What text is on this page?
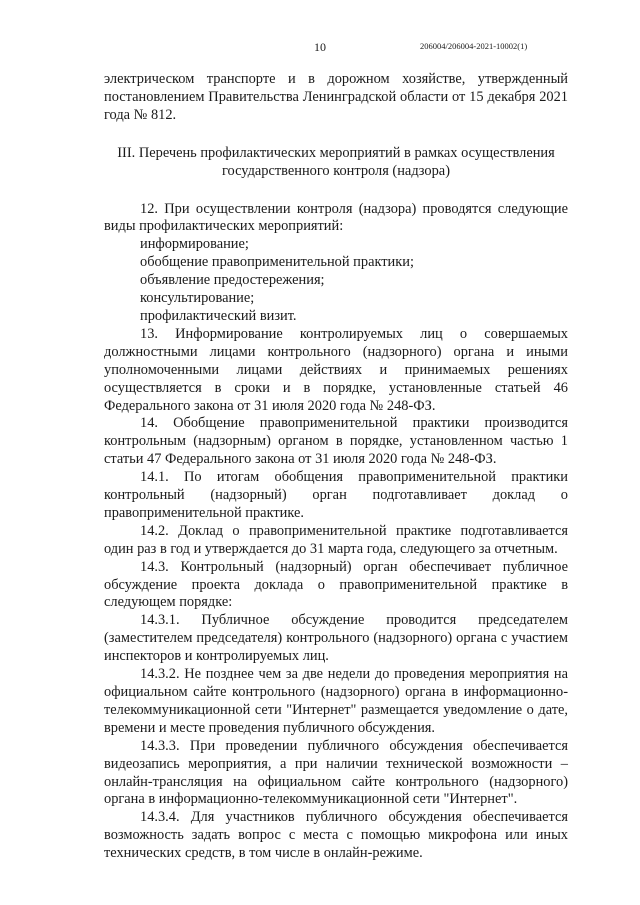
10	206004/206004-2021-10002(1)

электрическом транспорте и в дорожном хозяйстве, утвержденный постановлением Правительства Ленинградской области от 15 декабря 2021 года № 812.

III. Перечень профилактических мероприятий в рамках осуществления
государственного контроля (надзора)

12. При осуществлении контроля (надзора) проводятся следующие виды профилактических мероприятий:

информирование;
обобщение правоприменительной практики;
объявление предостережения;
консультирование;
профилактический визит.

13. Информирование контролируемых лиц о совершаемых должностными лицами контрольного (надзорного) органа и иными уполномоченными лицами действиях и принимаемых решениях осуществляется в сроки и в порядке, установленные статьей 46 Федерального закона от 31 июля 2020 года № 248-ФЗ.

14. Обобщение правоприменительной практики производится контрольным (надзорным) органом в порядке, установленном частью 1 статьи 47 Федерального закона от 31 июля 2020 года № 248-ФЗ.

14.1. По итогам обобщения правоприменительной практики контрольный (надзорный) орган подготавливает доклад о правоприменительной практике.

14.2. Доклад о правоприменительной практике подготавливается один раз в год и утверждается до 31 марта года, следующего за отчетным.

14.3. Контрольный (надзорный) орган обеспечивает публичное обсуждение проекта доклада о правоприменительной практике в следующем порядке:

14.3.1. Публичное обсуждение проводится председателем (заместителем председателя) контрольного (надзорного) органа с участием инспекторов и контролируемых лиц.

14.3.2. Не позднее чем за две недели до проведения мероприятия на официальном сайте контрольного (надзорного) органа в информационно-телекоммуникационной сети "Интернет" размещается уведомление о дате, времени и месте проведения публичного обсуждения.

14.3.3. При проведении публичного обсуждения обеспечивается видеозапись мероприятия, а при наличии технической возможности – онлайн-трансляция на официальном сайте контрольного (надзорного) органа в информационно-телекоммуникационной сети "Интернет".

14.3.4. Для участников публичного обсуждения обеспечивается возможность задать вопрос с места с помощью микрофона или иных технических средств, в том числе в онлайн-режиме.
